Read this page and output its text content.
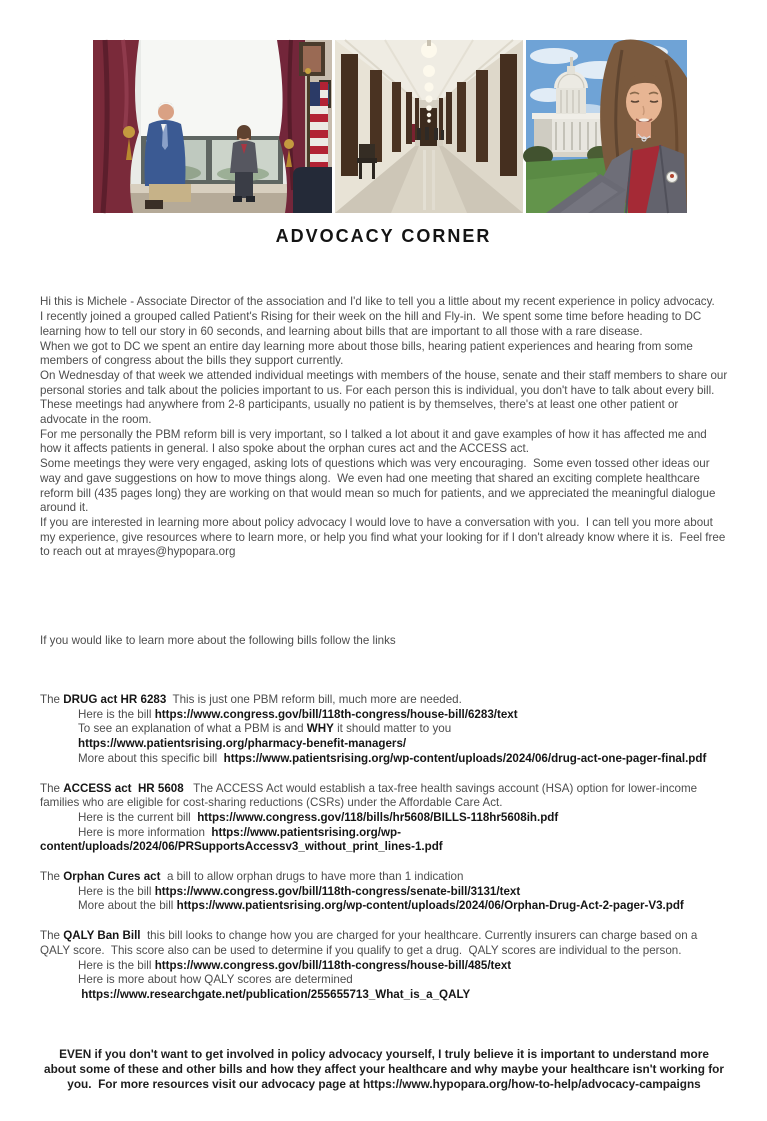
ADVOCACY CORNER

Hi this is Michele - Associate Director of the association and I'd like to tell you a little about my recent experience in policy advocacy.

I recently joined a grouped called Patient's Rising for their week on the hill and Fly-in.  We spent some time before heading to DC learning how to tell our story in 60 seconds, and learning about bills that are important to all those with a rare disease.

When we got to DC we spent an entire day learning more about those bills, hearing patient experiences and hearing from some members of congress about the bills they support currently.

On Wednesday of that week we attended individual meetings with members of the house, senate and their staff members to share our personal stories and talk about the policies important to us. For each person this is individual, you don't have to talk about every bill.  These meetings had anywhere from 2-8 participants, usually no patient is by themselves, there's at least one other patient or advocate in the room.

For me personally the PBM reform bill is very important, so I talked a lot about it and gave examples of how it has affected me and how it affects patients in general. I also spoke about the orphan cures act and the ACCESS act.

Some meetings they were very engaged, asking lots of questions which was very encouraging.  Some even tossed other ideas our way and gave suggestions on how to move things along.  We even had one meeting that shared an exciting complete healthcare reform bill (435 pages long) they are working on that would mean so much for patients, and we appreciated the meaningful dialogue around it.

If you are interested in learning more about policy advocacy I would love to have a conversation with you.  I can tell you more about my experience, give resources where to learn more, or help you find what your looking for if I don't already know where it is.  Feel free to reach out at mrayes@hypopara.org

If you would like to learn more about the following bills follow the links

The DRUG act HR 6283  This is just one PBM reform bill, much more are needed.
Here is the bill https://www.congress.gov/bill/118th-congress/house-bill/6283/text
To see an explanation of what a PBM is and WHY it should matter to you
https://www.patientsrising.org/pharmacy-benefit-managers/
More about this specific bill  https://www.patientsrising.org/wp-content/uploads/2024/06/drug-act-one-pager-final.pdf
The ACCESS act  HR 5608   The ACCESS Act would establish a tax-free health savings account (HSA) option for lower-income families who are eligible for cost-sharing reductions (CSRs) under the Affordable Care Act.
Here is the current bill  https://www.congress.gov/118/bills/hr5608/BILLS-118hr5608ih.pdf
Here is more information  https://www.patientsrising.org/wp-content/uploads/2024/06/PRSupportsAccessv3_without_print_lines-1.pdf
The Orphan Cures act  a bill to allow orphan drugs to have more than 1 indication
Here is the bill https://www.congress.gov/bill/118th-congress/senate-bill/3131/text
More about the bill https://www.patientsrising.org/wp-content/uploads/2024/06/Orphan-Drug-Act-2-pager-V3.pdf
The QALY Ban Bill  this bill looks to change how you are charged for your healthcare. Currently insurers can charge based on a QALY score.  This score also can be used to determine if you qualify to get a drug.  QALY scores are individual to the person.
Here is the bill https://www.congress.gov/bill/118th-congress/house-bill/485/text
Here is more about how QALY scores are determined
https://www.researchgate.net/publication/255655713_What_is_a_QALY

EVEN if you don't want to get involved in policy advocacy yourself, I truly believe it is important to understand more about some of these and other bills and how they affect your healthcare and why maybe your healthcare isn't working for you.  For more resources visit our advocacy page at https://www.hypopara.org/how-to-help/advocacy-campaigns
